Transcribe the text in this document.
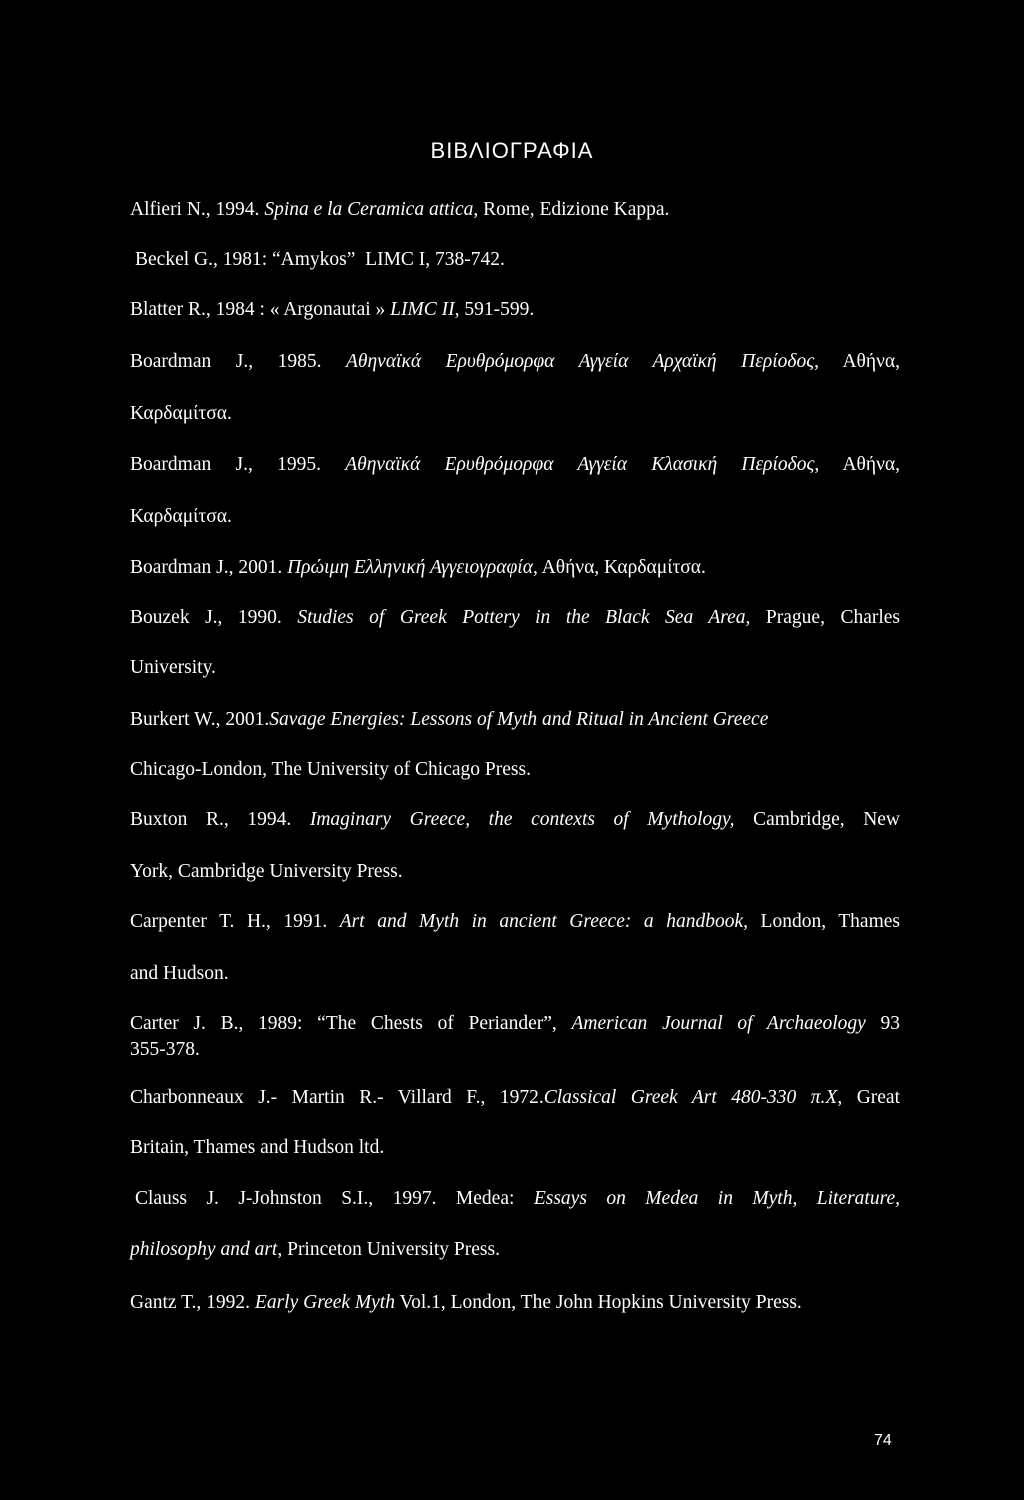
ΒΙΒΛΙΟΓΡΑΦΙΑ
Alfieri N., 1994. Spina e la Ceramica attica, Rome, Edizione Kappa.
Beckel G., 1981: “Amykos”  LIMC I, 738-742.
Blatter R., 1984 : « Argonautai » LIMC II, 591-599.
Boardman J., 1985. Αθηναϊκά Ερυθρόμορφα Αγγεία Αρχαϊκή Περίοδος, Αθήνα,
Καρδαμίτσα.
Boardman J., 1995. Αθηναϊκά Ερυθρόμορφα Αγγεία Κλασική Περίοδος, Αθήνα,
Καρδαμίτσα.
Boardman J., 2001. Πρώιμη Ελληνική Αγγειογραφία, Αθήνα, Καρδαμίτσα.
Bouzek J., 1990. Studies of Greek Pottery in the Black Sea Area, Prague, Charles
University.
Burkert W., 2001.Savage Energies: Lessons of Myth and Ritual in Ancient Greece
Chicago-London, The University of Chicago Press.
Buxton R., 1994. Imaginary Greece, the contexts of Mythology, Cambridge, New
York, Cambridge University Press.
Carpenter T. H., 1991. Art and Myth in ancient Greece: a handbook, London, Thames
and Hudson.
Carter J. B., 1989: “The Chests of Periander”, American Journal of Archaeology 93
355-378.
Charbonneaux J.- Martin R.- Villard F., 1972.Classical Greek Art 480-330 π.Χ, Great
Britain, Thames and Hudson ltd.
Clauss J. J-Johnston S.I., 1997. Medea: Essays on Medea in Myth, Literature,
philosophy and art, Princeton University Press.
Gantz T., 1992. Early Greek Myth Vol.1, London, The John Hopkins University Press.
74
